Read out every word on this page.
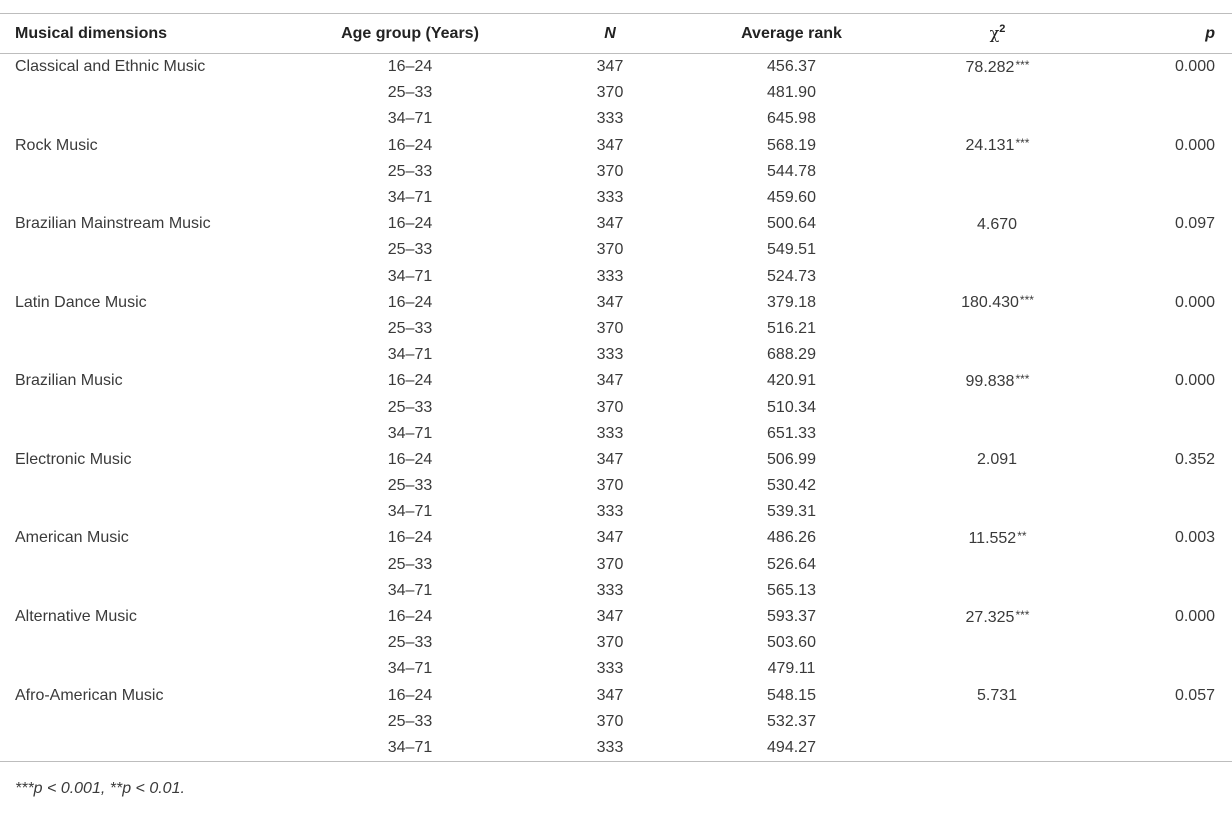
Musical dimensions	Age group (Years)	N	Average rank	$\chi^2$	p
Classical and Ethnic Music	16–24	347	456.37	78.282***	0.000
	25–33	370	481.90		
	34–71	333	645.98		
Rock Music	16–24	347	568.19	24.131***	0.000
	25–33	370	544.78		
	34–71	333	459.60		
Brazilian Mainstream Music	16–24	347	500.64	4.670	0.097
	25–33	370	549.51		
	34–71	333	524.73		
Latin Dance Music	16–24	347	379.18	180.430***	0.000
	25–33	370	516.21		
	34–71	333	688.29		
Brazilian Music	16–24	347	420.91	99.838***	0.000
	25–33	370	510.34		
	34–71	333	651.33		
Electronic Music	16–24	347	506.99	2.091	0.352
	25–33	370	530.42		
	34–71	333	539.31		
American Music	16–24	347	486.26	11.552**	0.003
	25–33	370	526.64		
	34–71	333	565.13		
Alternative Music	16–24	347	593.37	27.325***	0.000
	25–33	370	503.60		
	34–71	333	479.11		
Afro-American Music	16–24	347	548.15	5.731	0.057
	25–33	370	532.37		
	34–71	333	494.27		
***p < 0.001, **p < 0.01.
